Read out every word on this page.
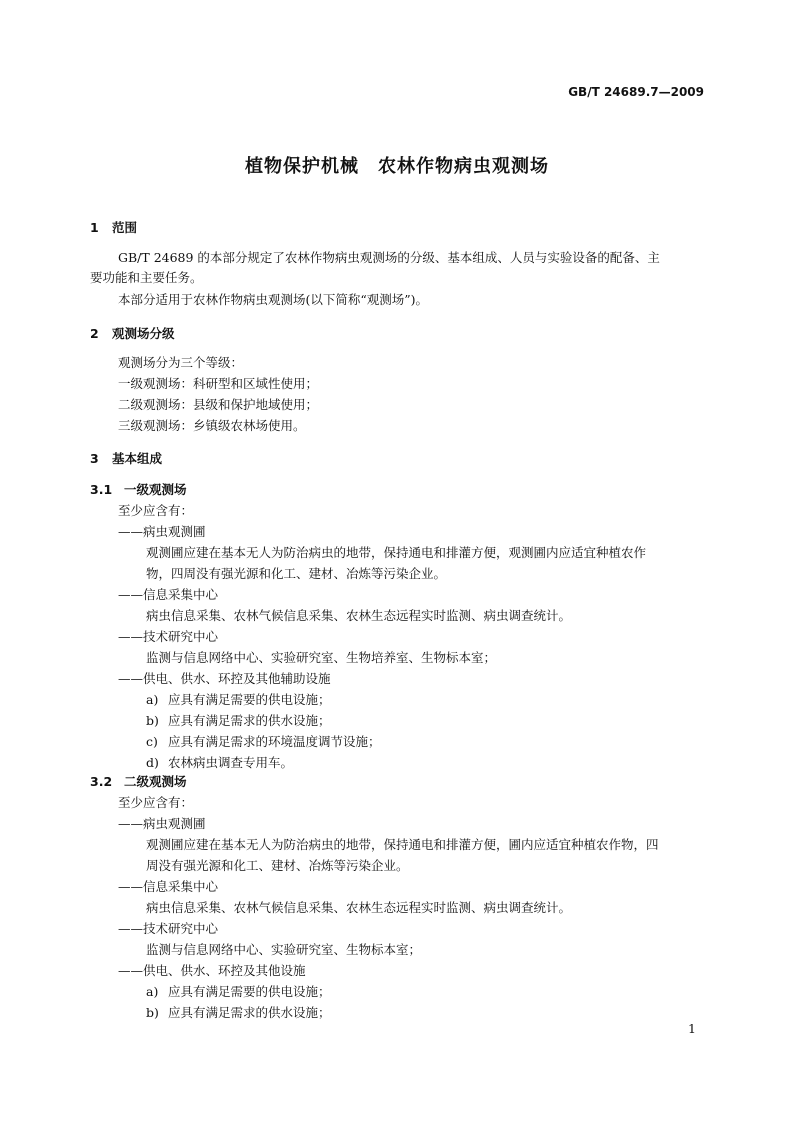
GB/T 24689.7—2009
植物保护机械　农林作物病虫观测场
1 范围
GB/T 24689 的本部分规定了农林作物病虫观测场的分级、基本组成、人员与实验设备的配备、主
要功能和主要任务。
本部分适用于农林作物病虫观测场(以下简称“观测场”)。
2 观测场分级
观测场分为三个等级：
一级观测场：科研型和区域性使用；
二级观测场：县级和保护地域使用；
三级观测场：乡镇级农林场使用。
3 基本组成
3.1 一级观测场
至少应含有：
——病虫观测圃
观测圃应建在基本无人为防治病虫的地带，保持通电和排灌方便，观测圃内应适宜种植农作
物，四周没有强光源和化工、建材、冶炼等污染企业。
——信息采集中心
病虫信息采集、农林气候信息采集、农林生态远程实时监测、病虫调查统计。
——技术研究中心
监测与信息网络中心、实验研究室、生物培养室、生物标本室；
——供电、供水、环控及其他辅助设施
a) 应具有满足需要的供电设施；
b) 应具有满足需求的供水设施；
c) 应具有满足需求的环境温度调节设施；
d) 农林病虫调查专用车。
3.2 二级观测场
至少应含有：
——病虫观测圃
观测圃应建在基本无人为防治病虫的地带，保持通电和排灌方便，圃内应适宜种植农作物，四
周没有强光源和化工、建材、冶炼等污染企业。
——信息采集中心
病虫信息采集、农林气候信息采集、农林生态远程实时监测、病虫调查统计。
——技术研究中心
监测与信息网络中心、实验研究室、生物标本室；
——供电、供水、环控及其他设施
a) 应具有满足需要的供电设施；
b) 应具有满足需求的供水设施；
1
